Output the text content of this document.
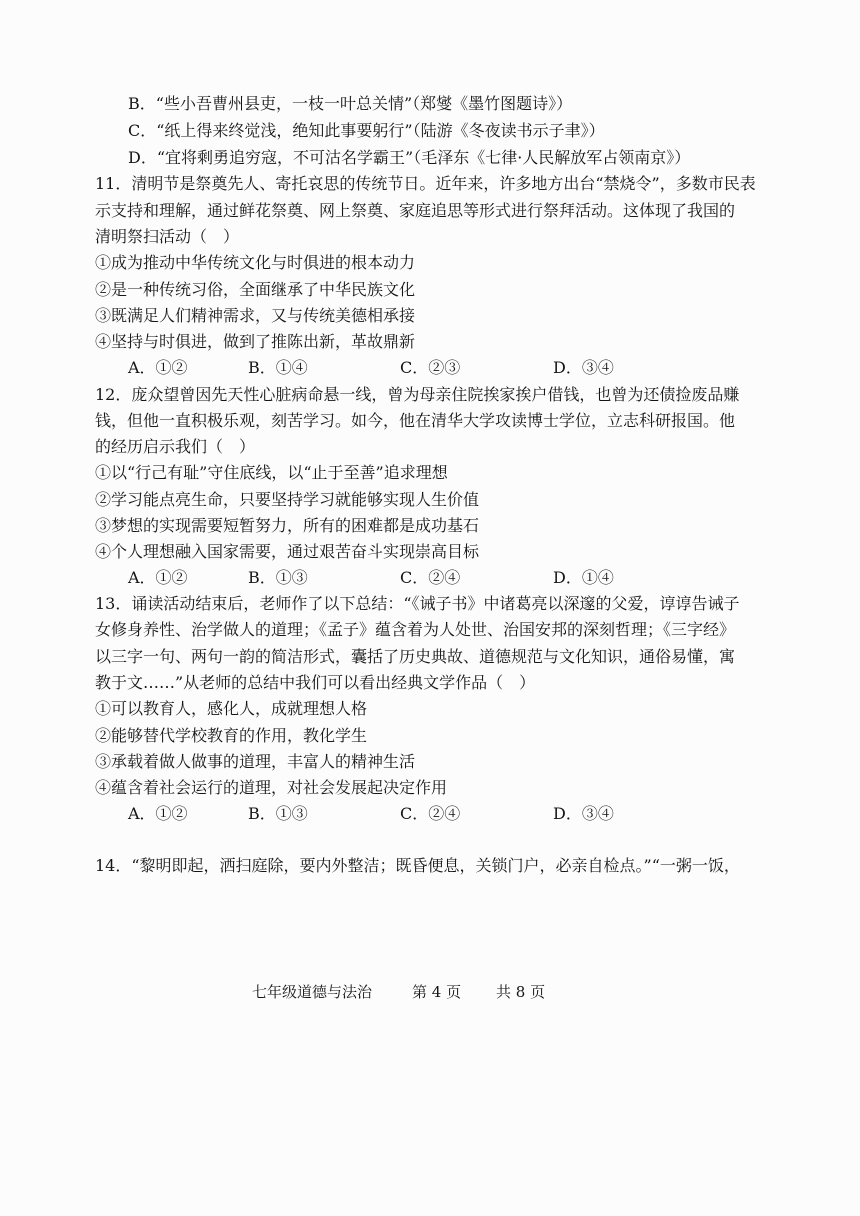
B．“些小吾曹州县吏，一枝一叶总关情”（郑燮《墨竹图题诗》）
C．“纸上得来终觉浅，绝知此事要躬行”（陆游《冬夜读书示子聿》）
D．“宜将剩勇追穷寇，不可沽名学霸王”（毛泽东《七律·人民解放军占领南京》）
11．清明节是祭奠先人、寄托哀思的传统节日。近年来，许多地方出台“禁烧令”，多数市民表
示支持和理解，通过鲜花祭奠、网上祭奠、家庭追思等形式进行祭拜活动。这体现了我国的
清明祭扫活动（　）
①成为推动中华传统文化与时俱进的根本动力
②是一种传统习俗，全面继承了中华民族文化
③既满足人们精神需求，又与传统美德相承接
④坚持与时俱进，做到了推陈出新，革故鼎新
A．①②	B．①④	C．②③	D．③④
12．庞众望曾因先天性心脏病命悬一线，曾为母亲住院挨家挨户借钱，也曾为还债捡废品赚
钱，但他一直积极乐观，刻苦学习。如今，他在清华大学攻读博士学位，立志科研报国。他
的经历启示我们（　）
①以“行己有耻”守住底线，以“止于至善”追求理想
②学习能点亮生命，只要坚持学习就能够实现人生价值
③梦想的实现需要短暂努力，所有的困难都是成功基石
④个人理想融入国家需要，通过艰苦奋斗实现崇高目标
A．①②	B．①③	C．②④	D．①④
13．诵读活动结束后，老师作了以下总结：“《诫子书》中诸葛亮以深邃的父爱，谆谆告诫子
女修身养性、治学做人的道理；《孟子》蕴含着为人处世、治国安邦的深刻哲理；《三字经》
以三字一句、两句一韵的简洁形式，囊括了历史典故、道德规范与文化知识，通俗易懂，寓
教于文……”从老师的总结中我们可以看出经典文学作品（　）
①可以教育人，感化人，成就理想人格
②能够替代学校教育的作用，教化学生
③承载着做人做事的道理，丰富人的精神生活
④蕴含着社会运行的道理，对社会发展起决定作用
A．①②	B．①③	C．②④	D．③④
14．“黎明即起，洒扫庭除，要内外整洁；既昏便息，关锁门户，必亲自检点。”“一粥一饭，
七年级道德与法治	第 4 页 共 8 页
